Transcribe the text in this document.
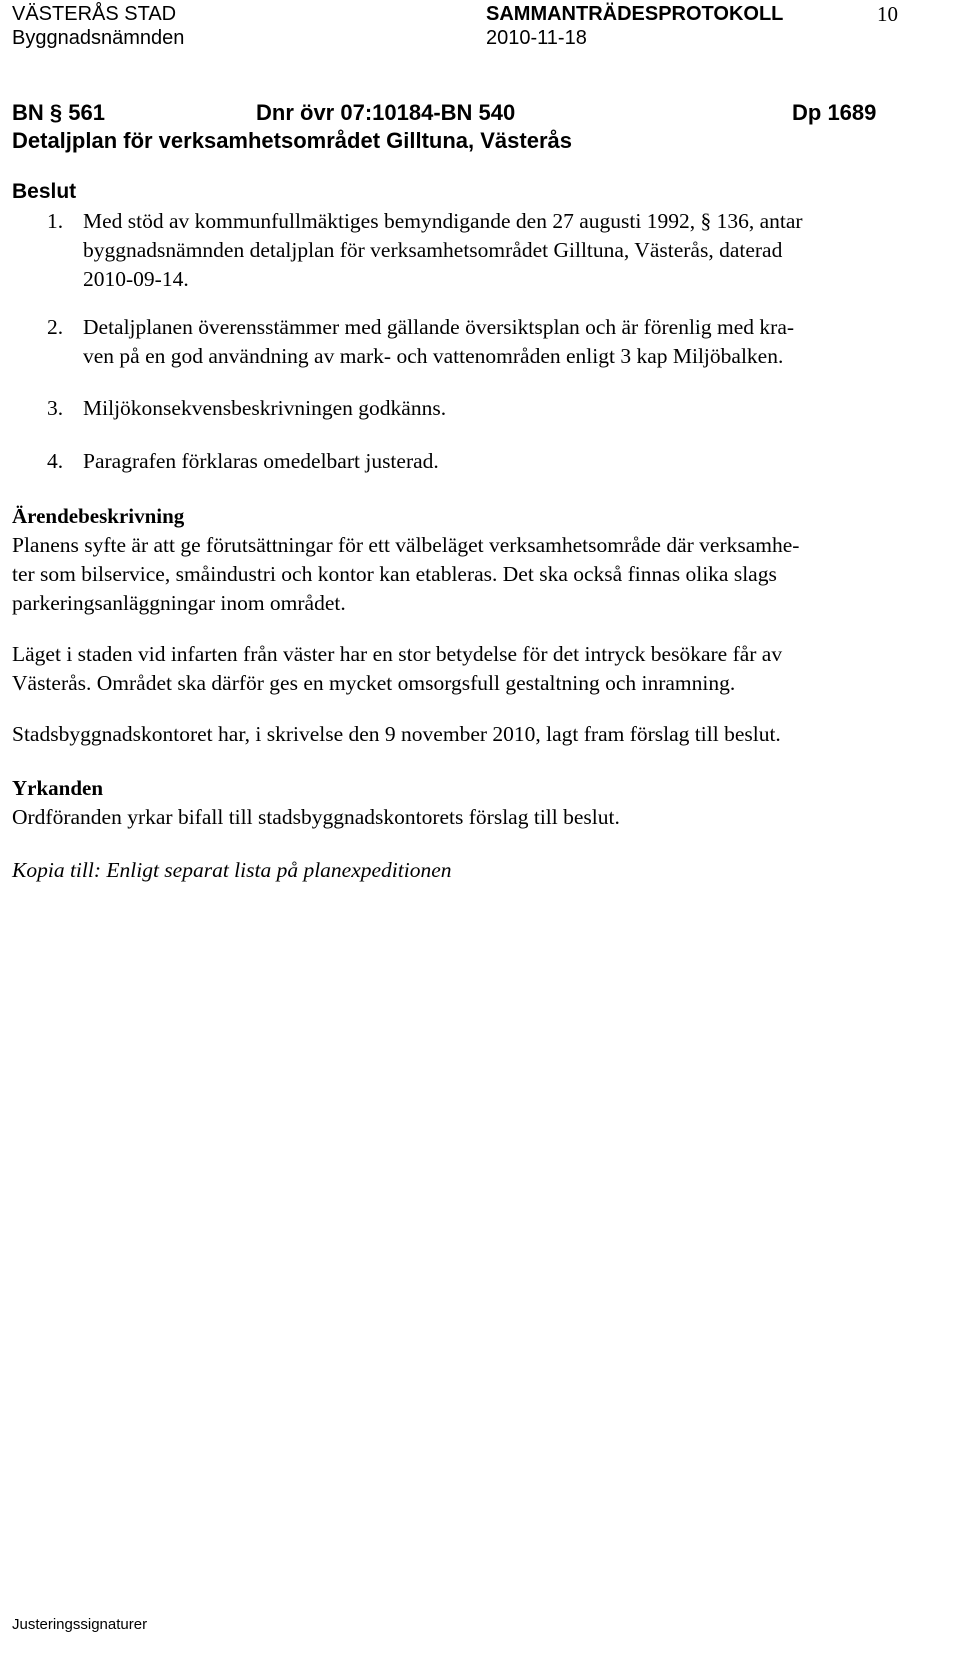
VÄSTERÅS STAD	SAMMANTRÄDESPROTOKOLL	10
Byggnadsnämnden	2010-11-18
BN § 561	Dnr övr 07:10184-BN 540	Dp 1689
Detaljplan för verksamhetsområdet Gilltuna, Västerås
Beslut
1. Med stöd av kommunfullmäktiges bemyndigande den 27 augusti 1992, § 136, antar
byggnadsnämnden detaljplan för verksamhetsområdet Gilltuna, Västerås, daterad
2010-09-14.
2. Detaljplanen överensstämmer med gällande översiktsplan och är förenlig med kra-
ven på en god användning av mark- och vattenområden enligt 3 kap Miljöbalken.
3. Miljökonsekvensbeskrivningen godkänns.
4. Paragrafen förklaras omedelbart justerad.
Ärendebeskrivning
Planens syfte är att ge förutsättningar för ett välbeläget verksamhetsområde där verksamhe-
ter som bilservice, småindustri och kontor kan etableras. Det ska också finnas olika slags
parkeringsanläggningar inom området.
Läget i staden vid infarten från väster har en stor betydelse för det intryck besökare får av
Västerås. Området ska därför ges en mycket omsorgsfull gestaltning och inramning.
Stadsbyggnadskontoret har, i skrivelse den 9 november 2010, lagt fram förslag till beslut.
Yrkanden
Ordföranden yrkar bifall till stadsbyggnadskontorets förslag till beslut.
Kopia till: Enligt separat lista på planexpeditionen
Justeringssignaturer
